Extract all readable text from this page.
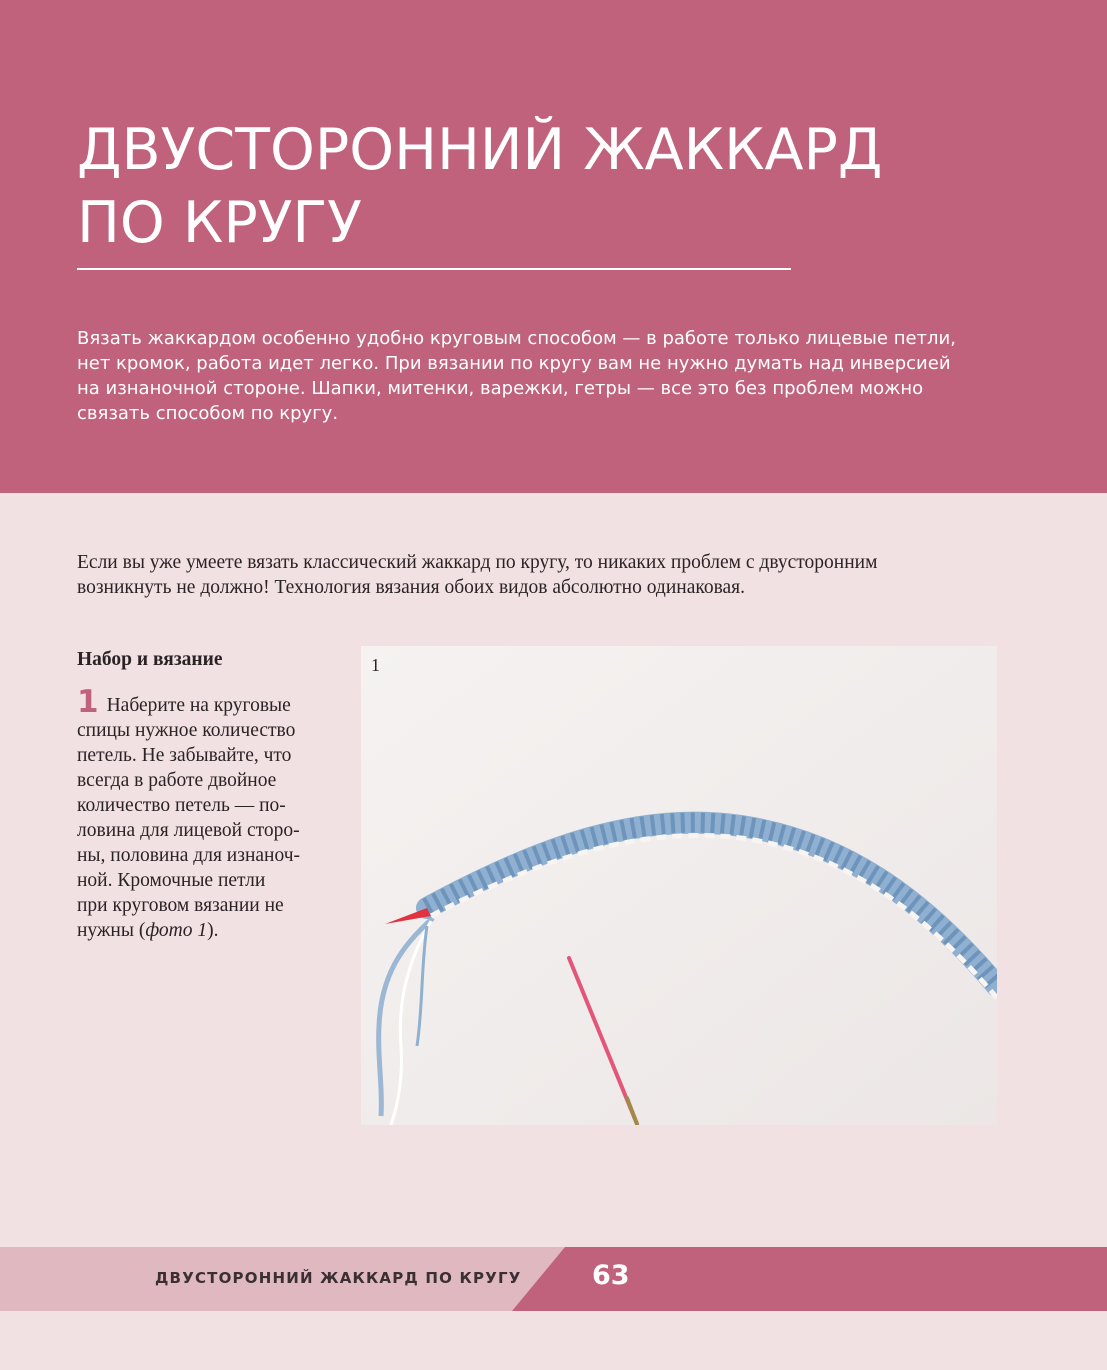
ДВУСТОРОННИЙ ЖАККАРД
ПО КРУГУ
Вязать жаккардом особенно удобно круговым способом — в работе только лицевые петли,
нет кромок, работа идет легко. При вязании по кругу вам не нужно думать над инверсией
на изнаночной стороне. Шапки, митенки, варежки, гетры — все это без проблем можно
связать способом по кругу.
Если вы уже умеете вязать классический жаккард по кругу, то никаких проблем с двусторонним
возникнуть не должно! Технология вязания обоих видов абсолютно одинаковая.
Набор и вязание
1 Наберите на круговые
спицы нужное количество
петель. Не забывайте, что
всегда в работе двойное
количество петель — по-
ловина для лицевой сторо-
ны, половина для изнаноч-
ной. Кромочные петли
при круговом вязании не
нужны (фото 1).
1
ДВУСТОРОННИЙ ЖАККАРД ПО КРУГУ	63
